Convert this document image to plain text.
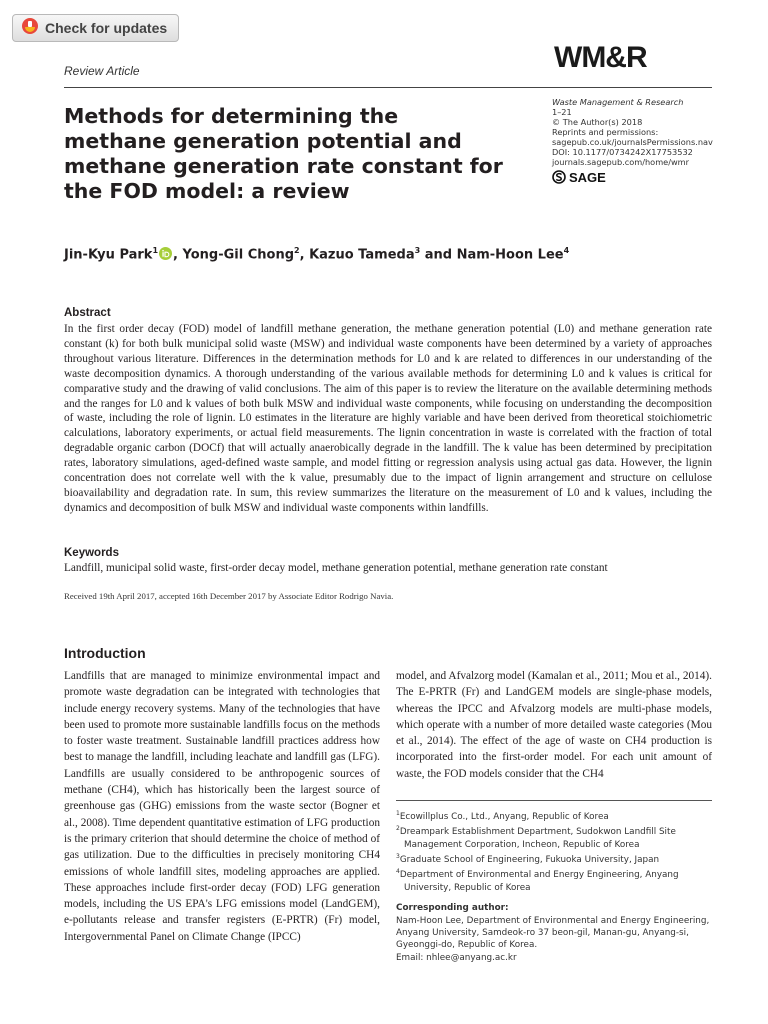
Check for updates
Review Article	WM&R
Waste Management & Research
1–21
© The Author(s) 2018
Reprints and permissions:
sagepub.co.uk/journalsPermissions.nav
DOI: 10.1177/0734242X17753532
journals.sagepub.com/home/wmr
SAGE
Methods for determining the methane generation potential and methane generation rate constant for the FOD model: a review
Jin-Kyu Park$^1$ , Yong-Gil Chong$^2$, Kazuo Tameda$^3$ and Nam-Hoon Lee$^4$
Abstract

In the first order decay (FOD) model of landfill methane generation, the methane generation potential (L0) and methane generation rate constant (k) for both bulk municipal solid waste (MSW) and individual waste components have been determined by a variety of approaches throughout various literature. Differences in the determination methods for L0 and k are related to differences in our understanding of the waste decomposition dynamics. A thorough understanding of the various available methods for determining L0 and k values is critical for comparative study and the drawing of valid conclusions. The aim of this paper is to review the literature on the available determining methods and the ranges for L0 and k values of both bulk MSW and individual waste components, while focusing on understanding the decomposition of waste, including the role of lignin. L0 estimates in the literature are highly variable and have been derived from theoretical stoichiometric calculations, laboratory experiments, or actual field measurements. The lignin concentration in waste is correlated with the fraction of total degradable organic carbon (DOCf) that will actually anaerobically degrade in the landfill. The k value has been determined by precipitation rates, laboratory simulations, aged-defined waste sample, and model fitting or regression analysis using actual gas data. However, the lignin concentration does not correlate well with the k value, presumably due to the impact of lignin arrangement and structure on cellulose bioavailability and degradation rate. In sum, this review summarizes the literature on the measurement of L0 and k values, including the dynamics and decomposition of bulk MSW and individual waste components within landfills.

Keywords
Landfill, municipal solid waste, first-order decay model, methane generation potential, methane generation rate constant
Received 19th April 2017, accepted 16th December 2017 by Associate Editor Rodrigo Navia.
Introduction

Landfills that are managed to minimize environmental impact and promote waste degradation can be integrated with technologies that include energy recovery systems. Many of the technologies that have been used to promote more sustainable landfills focus on the methods to foster waste treatment. Sustainable landfill practices address how best to manage the landfill, including leachate and landfill gas (LFG). Landfills are usually considered to be anthropogenic sources of methane (CH4), which has historically been the largest source of greenhouse gas (GHG) emissions from the waste sector (Bogner et al., 2008). Time dependent quantitative estimation of LFG production is the primary criterion that should determine the choice of method of gas utilization. Due to the difficulties in precisely monitoring CH4 emissions of whole landfill sites, modeling approaches are applied. These approaches include first-order decay (FOD) LFG generation models, including the US EPA's LFG emissions model (LandGEM), e-pollutants release and transfer registers (E-PRTR) (Fr) model, Intergovernmental Panel on Climate Change (IPCC)

model, and Afvalzorg model (Kamalan et al., 2011; Mou et al., 2014). The E-PRTR (Fr) and LandGEM models are single-phase models, whereas the IPCC and Afvalzorg models are multi-phase models, which operate with a number of more detailed waste categories (Mou et al., 2014). The effect of the age of waste on CH4 production is incorporated into the first-order model. For each unit amount of waste, the FOD models consider that the CH4

$^1$Ecowillplus Co., Ltd., Anyang, Republic of Korea
$^2$Dreampark Establishment Department, Sudokwon Landfill Site Management Corporation, Incheon, Republic of Korea
$^3$Graduate School of Engineering, Fukuoka University, Japan
$^4$Department of Environmental and Energy Engineering, Anyang University, Republic of Korea
Corresponding author:
Nam-Hoon Lee, Department of Environmental and Energy Engineering, Anyang University, Samdeok-ro 37 beon-gil, Manan-gu, Anyang-si, Gyeonggi-do, Republic of Korea.
Email: nhlee@anyang.ac.kr
